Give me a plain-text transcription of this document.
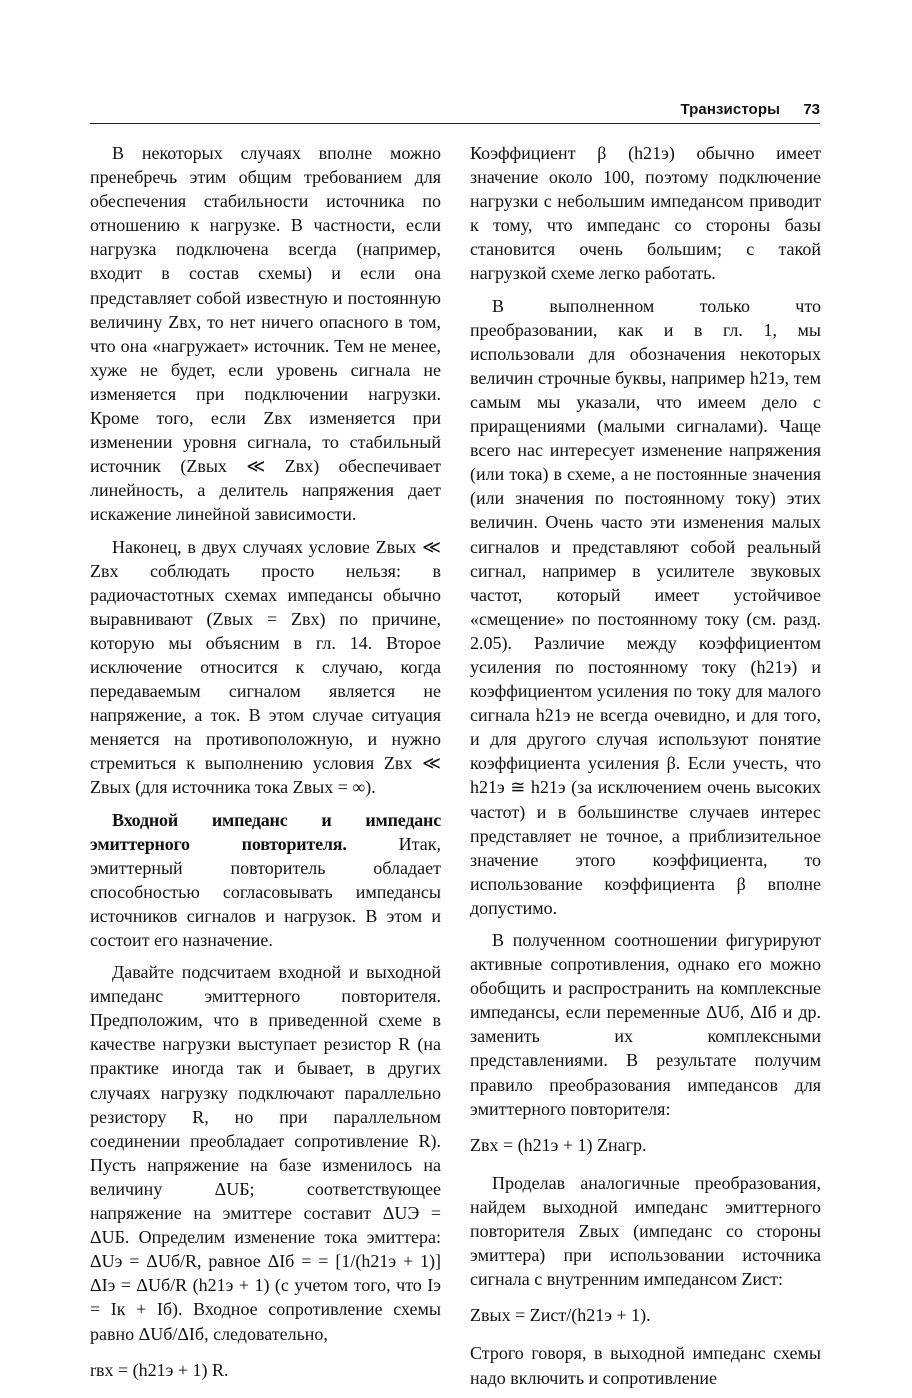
Транзисторы 73

В некоторых случаях вполне можно пренебречь этим общим требованием для обеспечения стабильности источника по отношению к нагрузке. В частности, если нагрузка подключена всегда (например, входит в состав схемы) и если она представляет собой известную и постоянную величину Zвх, то нет ничего опасного в том, что она «нагружает» источник. Тем не менее, хуже не будет, если уровень сигнала не изменяется при подключении нагрузки. Кроме того, если Zвх изменяется при изменении уровня сигнала, то стабильный источник (Zвых ≪ Zвх) обеспечивает линейность, а делитель напряжения дает искажение линейной зависимости.

Наконец, в двух случаях условие Zвых ≪ Zвх соблюдать просто нельзя: в радиочастотных схемах импедансы обычно выравнивают (Zвых = Zвх) по причине, которую мы объясним в гл. 14. Второе исключение относится к случаю, когда передаваемым сигналом является не напряжение, а ток. В этом случае ситуация меняется на противоположную, и нужно стремиться к выполнению условия Zвх ≪ Zвых (для источника тока Zвых = ∞).

Входной импеданс и импеданс эмиттерного повторителя.	Итак, эмиттерный повторитель обладает способностью согласовывать импедансы источников сигналов и нагрузок. В этом и состоит его назначение.

Давайте подсчитаем входной и выходной импеданс эмиттерного повторителя. Предположим, что в приведенной схеме в качестве нагрузки выступает резистор R (на практике иногда так и бывает, в других случаях нагрузку подключают параллельно резистору R, но при параллельном соединении преобладает сопротивление R). Пусть напряжение на базе изменилось на величину ΔUБ; соответствующее напряжение на эмиттере составит ΔUЭ = ΔUБ. Определим изменение тока эмиттера: ΔUэ = ΔUб/R, равное ΔIб = = [1/(h21э + 1)] ΔIэ = ΔUб/R (h21э + 1) (с учетом того, что Iэ = Iк + Iб). Входное сопротивление схемы равно ΔUб/ΔIб, следовательно,

rвх = (h21э + 1) R.

Коэффициент β (h21э) обычно имеет значение около 100, поэтому подключение нагрузки с небольшим импедансом приводит к тому, что импеданс со стороны базы становится очень большим; с такой нагрузкой схеме легко работать.

В выполненном только что преобразовании, как и в гл. 1, мы использовали для обозначения некоторых величин строчные буквы, например h21э, тем самым мы указали, что имеем дело с приращениями (малыми сигналами). Чаще всего нас интересует изменение напряжения (или тока) в схеме, а не постоянные значения (или значения по постоянному току) этих величин. Очень часто эти изменения малых сигналов и представляют собой реальный сигнал, например в усилителе звуковых частот, который имеет устойчивое «смещение» по постоянному току (см. разд. 2.05). Различие между коэффициентом усиления по постоянному току (h21э) и коэффициентом усиления по току для малого сигнала h21э не всегда очевидно, и для того, и для другого случая используют понятие коэффициента усиления β. Если учесть, что h21э ≅ h21э (за исключением очень высоких частот) и в большинстве случаев интерес представляет не точное, а приблизительное значение этого коэффициента, то использование коэффициента β вполне допустимо.

В полученном соотношении фигурируют активные сопротивления, однако его можно обобщить и распространить на комплексные импедансы, если переменные ΔUб, ΔIб и др. заменить их комплексными представлениями. В результате получим правило преобразования импедансов для эмиттерного повторителя:

Zвх = (h21э + 1) Zнагр.

Проделав аналогичные преобразования, найдем выходной импеданс эмиттерного повторителя Zвых (импеданс со стороны эмиттера) при использовании источника сигнала с внутренним импедансом Zист:

Zвых = Zист/(h21э + 1).

Строго говоря, в выходной импеданс схемы надо включить и сопротивление
